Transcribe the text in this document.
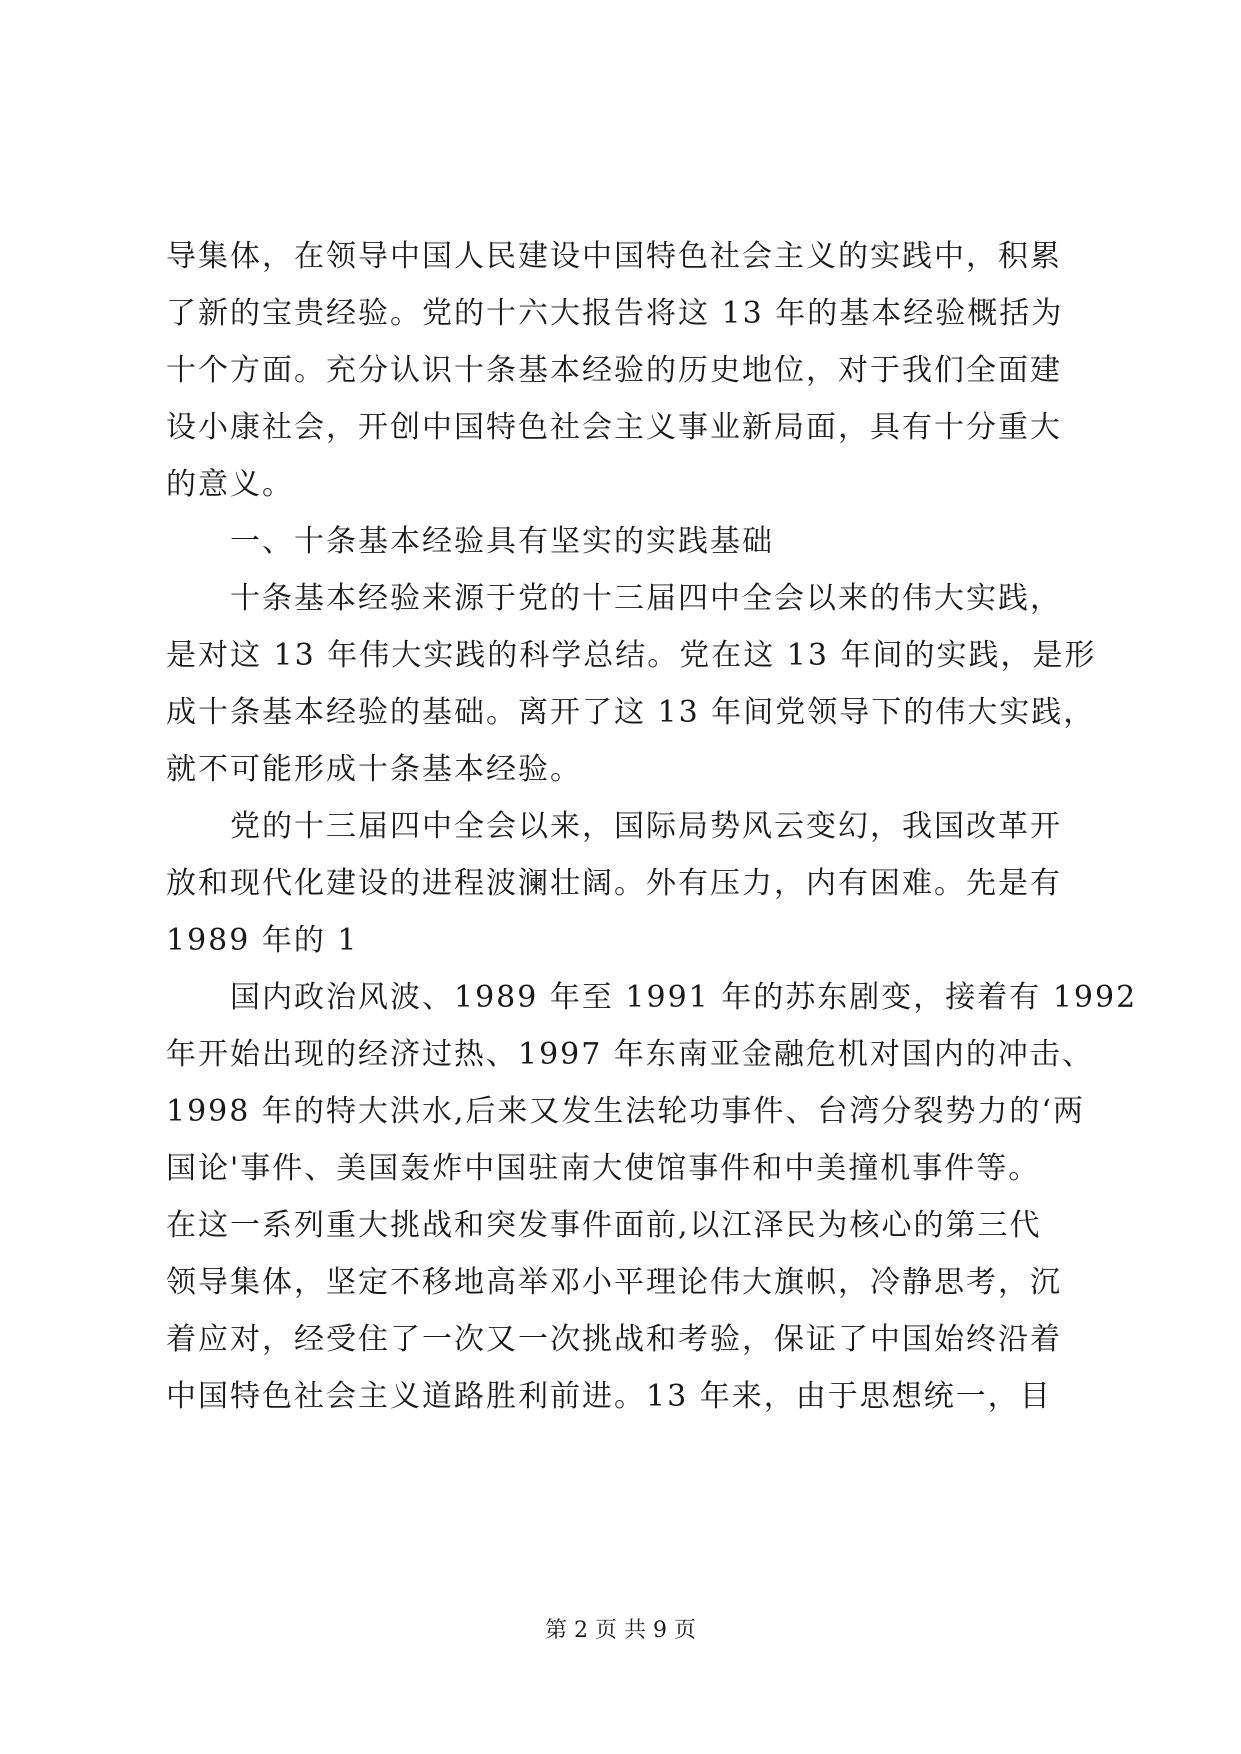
导集体，在领导中国人民建设中国特色社会主义的实践中，积累
了新的宝贵经验。党的十六大报告将这 13 年的基本经验概括为
十个方面。充分认识十条基本经验的历史地位，对于我们全面建
设小康社会，开创中国特色社会主义事业新局面，具有十分重大
的意义。
一、十条基本经验具有坚实的实践基础
十条基本经验来源于党的十三届四中全会以来的伟大实践，
是对这 13 年伟大实践的科学总结。党在这 13 年间的实践，是形
成十条基本经验的基础。离开了这 13 年间党领导下的伟大实践，
就不可能形成十条基本经验。
党的十三届四中全会以来，国际局势风云变幻，我国改革开
放和现代化建设的进程波澜壮阔。外有压力，内有困难。先是有
1989 年的 1
国内政治风波、1989 年至 1991 年的苏东剧变，接着有 1992
年开始出现的经济过热、1997 年东南亚金融危机对国内的冲击、
1998 年的特大洪水,后来又发生法轮功事件、台湾分裂势力的‘两
国论'事件、美国轰炸中国驻南大使馆事件和中美撞机事件等。
在这一系列重大挑战和突发事件面前,以江泽民为核心的第三代
领导集体，坚定不移地高举邓小平理论伟大旗帜，冷静思考，沉
着应对，经受住了一次又一次挑战和考验，保证了中国始终沿着
中国特色社会主义道路胜利前进。13 年来，由于思想统一，目
第 2 页 共 9 页
